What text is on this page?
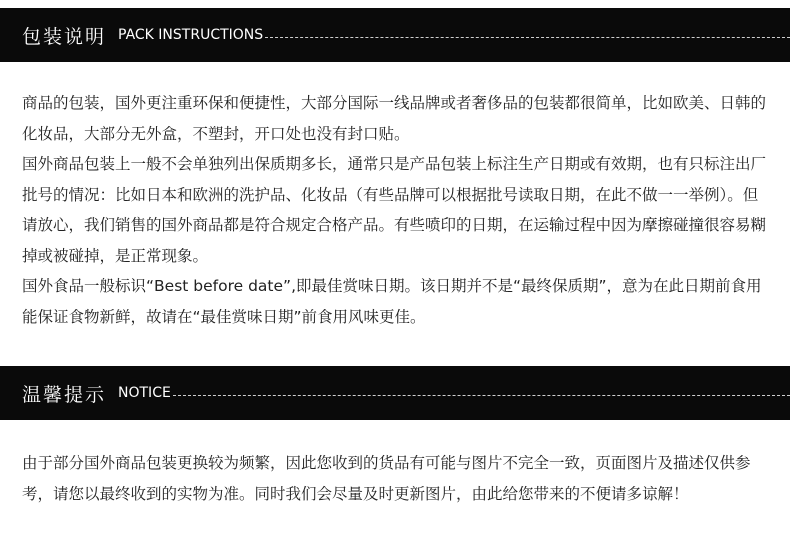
包装说明 PACK INSTRUCTIONS

商品的包装，国外更注重环保和便捷性，大部分国际一线品牌或者奢侈品的包装都很简单，比如欧美、日韩的化妆品，大部分无外盒，不塑封，开口处也没有封口贴。

国外商品包装上一般不会单独列出保质期多长，通常只是产品包装上标注生产日期或有效期，也有只标注出厂批号的情况：比如日本和欧洲的洗护品、化妆品（有些品牌可以根据批号读取日期，在此不做一一举例）。但请放心，我们销售的国外商品都是符合规定合格产品。有些喷印的日期，在运输过程中因为摩擦碰撞很容易糊掉或被碰掉，是正常现象。

国外食品一般标识“Best before date”,即最佳赏味日期。该日期并不是“最终保质期”，意为在此日期前食用能保证食物新鲜，故请在“最佳赏味日期”前食用风味更佳。

温馨提示 NOTICE

由于部分国外商品包装更换较为频繁，因此您收到的货品有可能与图片不完全一致，页面图片及描述仅供参考，请您以最终收到的实物为准。同时我们会尽量及时更新图片，由此给您带来的不便请多谅解！
